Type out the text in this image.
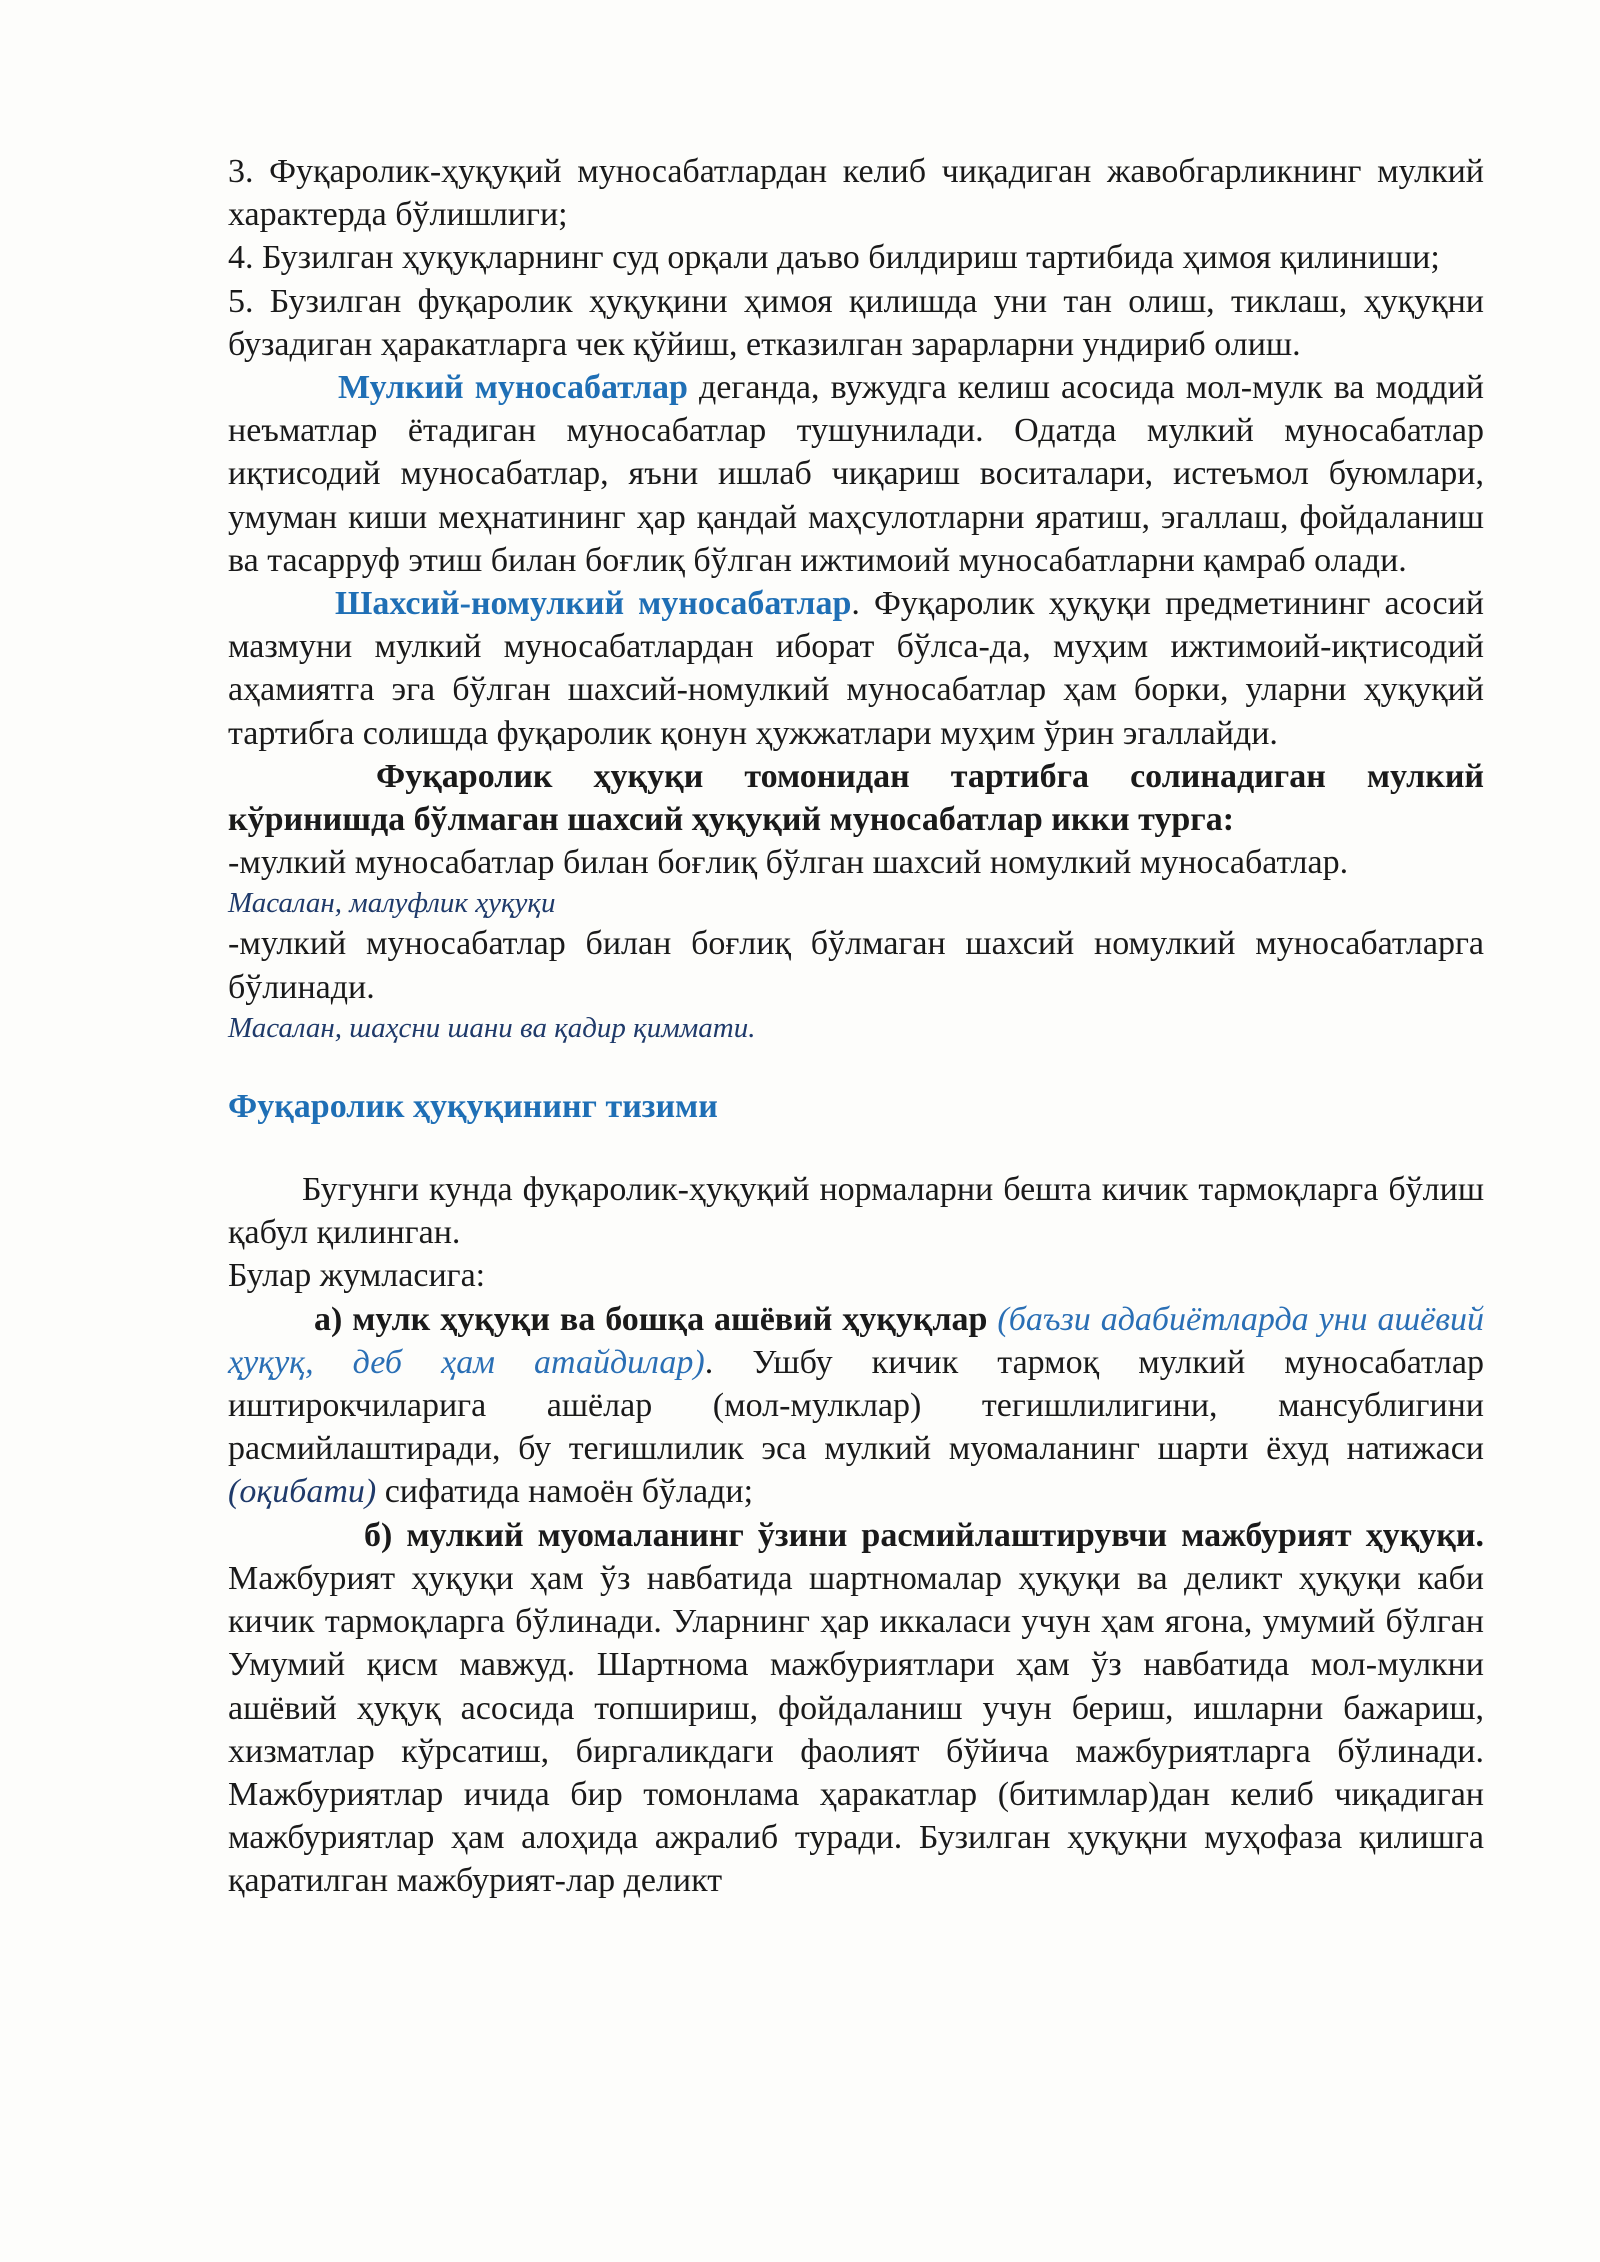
3. Фуқаролик-ҳуқуқий муносабатлардан келиб чиқадиган жавобгарликнинг мулкий характерда бўлишлиги;

4. Бузилган ҳуқуқларнинг суд орқали даъво билдириш тартибида ҳимоя қилиниши;

5. Бузилган фуқаролик ҳуқуқини ҳимоя қилишда уни тан олиш, тиклаш, ҳуқуқни бузадиган ҳаракатларга чек қўйиш, етказилган зарарларни ундириб олиш.

Мулкий муносабатлар деганда, вужудга келиш асосида мол-мулк ва моддий неъматлар ётадиган муносабатлар тушунилади. Одатда мулкий муносабатлар иқтисодий муносабатлар, яъни ишлаб чиқариш воситалари, истеъмол буюмлари, умуман киши меҳнатининг ҳар қандай маҳсулотларни яратиш, эгаллаш, фойдаланиш ва тасарруф этиш билан боғлиқ бўлган ижтимоий муносабатларни қамраб олади.

Шахсий-номулкий муносабатлар. Фуқаролик ҳуқуқи предметининг асосий мазмуни мулкий муносабатлардан иборат бўлса-да, муҳим ижтимоий-иқтисодий аҳамиятга эга бўлган шахсий-номулкий муносабатлар ҳам борки, уларни ҳуқуқий тартибга солишда фуқаролик қонун ҳужжатлари муҳим ўрин эгаллайди.

Фуқаролик ҳуқуқи томонидан тартибга солинадиган мулкий кўринишда бўлмаган шахсий ҳуқуқий муносабатлар икки турга:

-мулкий муносабатлар билан боғлиқ бўлган шахсий номулкий муносабатлар.

Масалан, малуфлик ҳуқуқи

-мулкий муносабатлар билан боғлиқ бўлмаган шахсий номулкий муносабатларга бўлинади.

Масалан, шаҳсни шани ва қадир қиммати.

Фуқаролик ҳуқуқининг тизими

Бугунги кунда фуқаролик-ҳуқуқий нормаларни бешта кичик тармоқларга бўлиш қабул қилинган.

Булар жумласига:

а) мулк ҳуқуқи ва бошқа ашёвий ҳуқуқлар (баъзи адабиётларда уни ашёвий ҳуқуқ, деб ҳам атайдилар). Ушбу кичик тармоқ мулкий муносабатлар иштирокчиларига ашёлар (мол-мулклар) тегишлилигини, мансублигини расмийлаштиради, бу тегишлилик эса мулкий муомаланинг шарти ёхуд натижаси (оқибати) сифатида намоён бўлади;

б) мулкий муомаланинг ўзини расмийлаштирувчи мажбурият ҳуқуқи. Мажбурият ҳуқуқи ҳам ўз навбатида шартномалар ҳуқуқи ва деликт ҳуқуқи каби кичик тармоқларга бўлинади. Уларнинг ҳар иккаласи учун ҳам ягона, умумий бўлган Умумий қисм мавжуд. Шартнома мажбуриятлари ҳам ўз навбатида мол-мулкни ашёвий ҳуқуқ асосида топшириш, фойдаланиш учун бериш, ишларни бажариш, хизматлар кўрсатиш, биргаликдаги фаолият бўйича мажбуриятларга бўлинади. Мажбуриятлар ичида бир томонлама ҳаракатлар (битимлар)дан келиб чиқадиган мажбуриятлар ҳам алоҳида ажралиб туради. Бузилган ҳуқуқни муҳофаза қилишга қаратилган мажбурият-лар деликт
